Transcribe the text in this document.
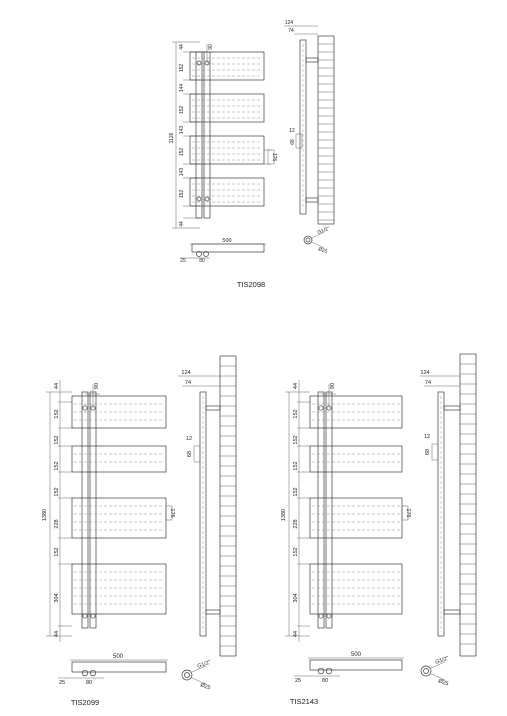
1126
44
152
144
152
143
152
143
152
44
90
176
500
25	80
124
74
12
68
G1/2"
Ø25
TIS2098
1380
44
152
152
152
152
228
152
304
44
90
176
500
25	80
124
74
12
68
G1/2"
Ø25
TIS2099
1380
44
152
152
152
152
228
152
304
44
90
176
500
25	80
124
74
12
68
G1/2"
Ø25
TIS2143
